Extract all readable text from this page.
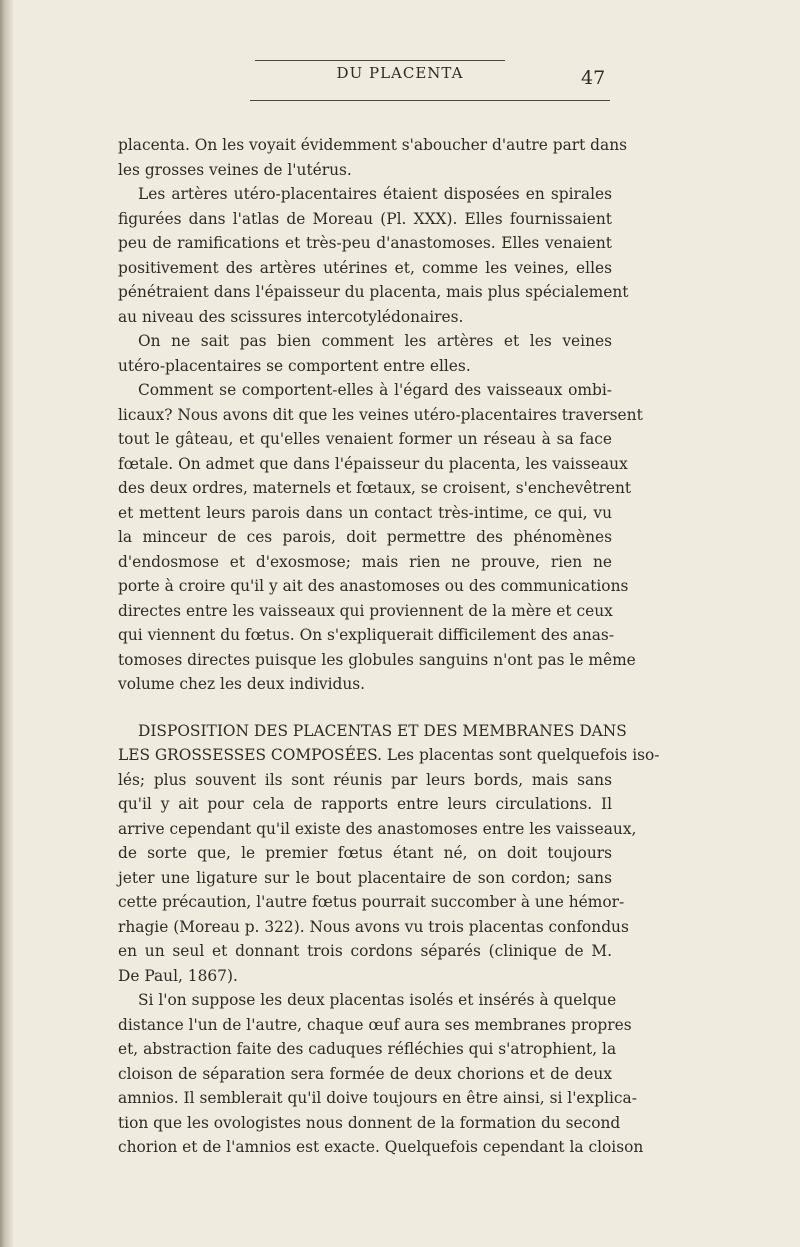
DU PLACENTA	47
placenta. On les voyait évidemment s'aboucher d'autre part dans
les grosses veines de l'utérus.
Les artères utéro-placentaires étaient disposées en spirales
figurées dans l'atlas de Moreau (Pl. XXX). Elles fournissaient
peu de ramifications et très-peu d'anastomoses. Elles venaient
positivement des artères utérines et, comme les veines, elles
pénétraient dans l'épaisseur du placenta, mais plus spécialement
au niveau des scissures intercotylédonaires.
On ne sait pas bien comment les artères et les veines
utéro-placentaires se comportent entre elles.
Comment se comportent-elles à l'égard des vaisseaux ombi-
licaux? Nous avons dit que les veines utéro-placentaires traversent
tout le gâteau, et qu'elles venaient former un réseau à sa face
fœtale. On admet que dans l'épaisseur du placenta, les vaisseaux
des deux ordres, maternels et fœtaux, se croisent, s'enchevêtrent
et mettent leurs parois dans un contact très-intime, ce qui, vu
la minceur de ces parois, doit permettre des phénomènes
d'endosmose et d'exosmose; mais rien ne prouve, rien ne
porte à croire qu'il y ait des anastomoses ou des communications
directes entre les vaisseaux qui proviennent de la mère et ceux
qui viennent du fœtus. On s'expliquerait difficilement des anas-
tomoses directes puisque les globules sanguins n'ont pas le même
volume chez les deux individus.
DISPOSITION DES PLACENTAS ET DES MEMBRANES DANS
LES GROSSESSES COMPOSÉES. Les placentas sont quelquefois iso-
lés; plus souvent ils sont réunis par leurs bords, mais sans
qu'il y ait pour cela de rapports entre leurs circulations. Il
arrive cependant qu'il existe des anastomoses entre les vaisseaux,
de sorte que, le premier fœtus étant né, on doit toujours
jeter une ligature sur le bout placentaire de son cordon; sans
cette précaution, l'autre fœtus pourrait succomber à une hémor-
rhagie (Moreau p. 322). Nous avons vu trois placentas confondus
en un seul et donnant trois cordons séparés (clinique de M.
De Paul, 1867).
Si l'on suppose les deux placentas isolés et insérés à quelque
distance l'un de l'autre, chaque œuf aura ses membranes propres
et, abstraction faite des caduques réfléchies qui s'atrophient, la
cloison de séparation sera formée de deux chorions et de deux
amnios. Il semblerait qu'il doive toujours en être ainsi, si l'explica-
tion que les ovologistes nous donnent de la formation du second
chorion et de l'amnios est exacte. Quelquefois cependant la cloison
